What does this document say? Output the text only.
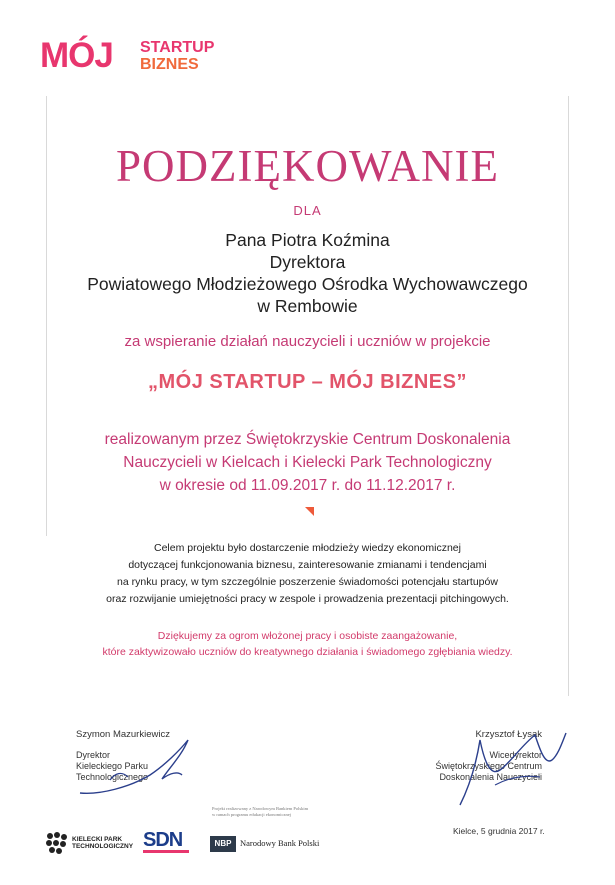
MÓJ STARTUP
BIZNES
PODZIĘKOWANIE
DLA
Pana Piotra Koźmina
Dyrektora
Powiatowego Młodzieżowego Ośrodka Wychowawczego
w Rembowie
za wspieranie działań nauczycieli i uczniów w projekcie
„MÓJ STARTUP – MÓJ BIZNES”
realizowanym przez Świętokrzyskie Centrum Doskonalenia
Nauczycieli w Kielcach i Kielecki Park Technologiczny
w okresie od 11.09.2017 r. do 11.12.2017 r.
Celem projektu było dostarczenie młodzieży wiedzy ekonomicznej
dotyczącej funkcjonowania biznesu, zainteresowanie zmianami i tendencjami
na rynku pracy, w tym szczególnie poszerzenie świadomości potencjału startupów
oraz rozwijanie umiejętności pracy w zespole i prowadzenia prezentacji pitchingowych.
Dziękujemy za ogrom włożonej pracy i osobiste zaangażowanie,
które zaktywizowało uczniów do kreatywnego działania i świadomego zgłębiania wiedzy.
Szymon Mazurkiewicz
Dyrektor
Kieleckiego Parku
Technologicznego
Krzysztof Łysak
Wicedyrektor
Świętokrzyskiego Centrum
Doskonalenia Nauczycieli
Kielce, 5 grudnia 2017 r.
KIELECKI PARK
TECHNOLOGICZNY SDN
Projekt realizowany z Narodowym Bankiem Polskim w ramach programu edukacji ekonomicznej
NBP	Narodowy Bank Polski
